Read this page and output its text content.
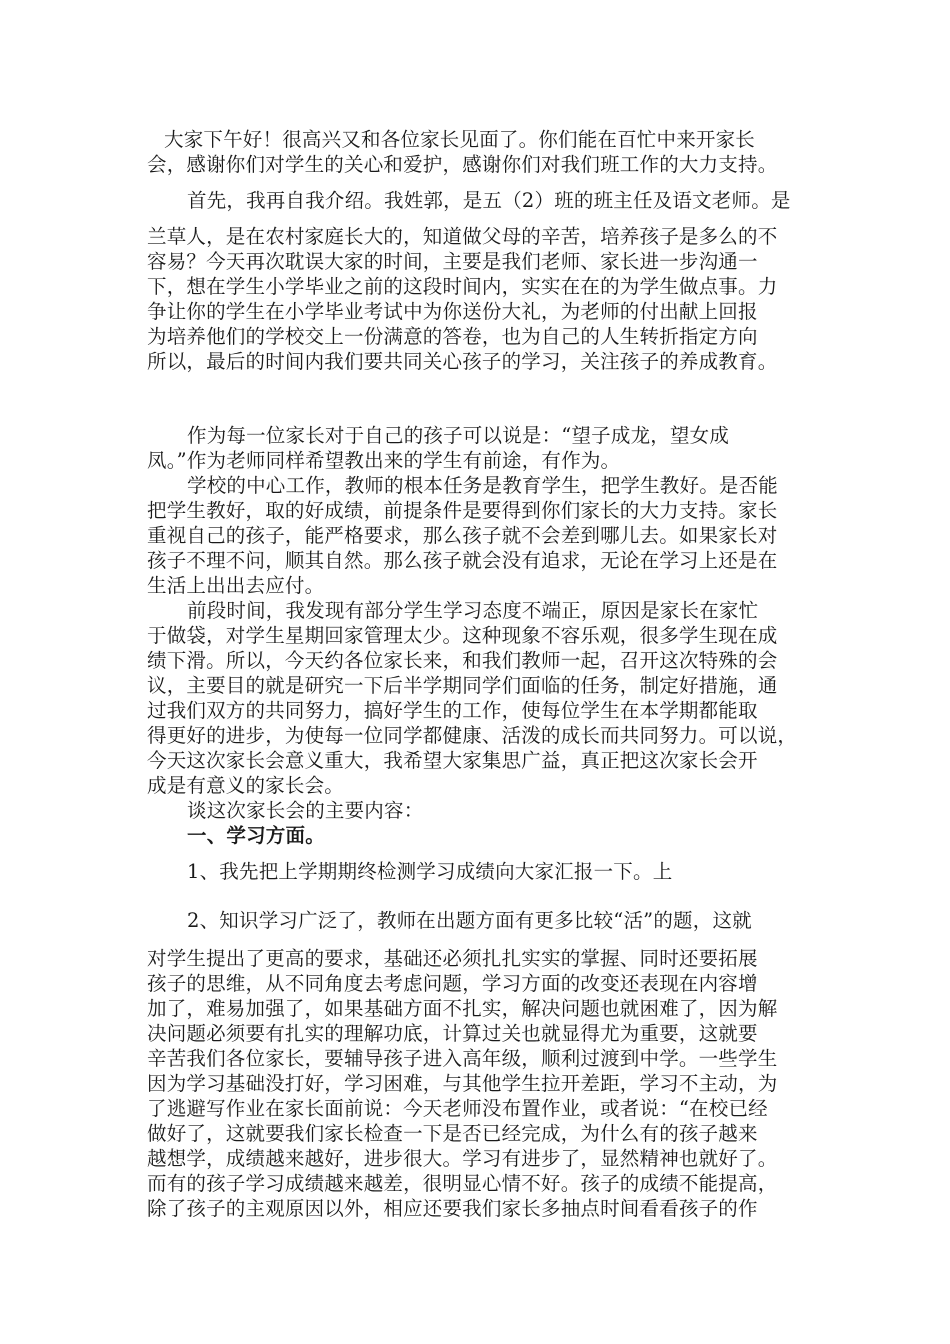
大家下午好！很高兴又和各位家长见面了。你们能在百忙中来开家长
会，感谢你们对学生的关心和爱护，感谢你们对我们班工作的大力支持。
首先，我再自我介绍。我姓郭，是五（2）班的班主任及语文老师。是
兰草人，是在农村家庭长大的，知道做父母的辛苦，培养孩子是多么的不
容易？今天再次耽误大家的时间，主要是我们老师、家长进一步沟通一
下，想在学生小学毕业之前的这段时间内，实实在在的为学生做点事。力
争让你的学生在小学毕业考试中为你送份大礼，为老师的付出献上回报
为培养他们的学校交上一份满意的答卷，也为自己的人生转折指定方向
所以，最后的时间内我们要共同关心孩子的学习，关注孩子的养成教育。
作为每一位家长对于自己的孩子可以说是：“望子成龙，望女成
凤。”作为老师同样希望教出来的学生有前途，有作为。
学校的中心工作，教师的根本任务是教育学生，把学生教好。是否能
把学生教好，取的好成绩，前提条件是要得到你们家长的大力支持。家长
重视自己的孩子，能严格要求，那么孩子就不会差到哪儿去。如果家长对
孩子不理不问，顺其自然。那么孩子就会没有追求，无论在学习上还是在
生活上出出去应付。
前段时间，我发现有部分学生学习态度不端正，原因是家长在家忙
于做袋，对学生星期回家管理太少。这种现象不容乐观，很多学生现在成
绩下滑。所以，今天约各位家长来，和我们教师一起，召开这次特殊的会
议，主要目的就是研究一下后半学期同学们面临的任务，制定好措施，通
过我们双方的共同努力，搞好学生的工作，使每位学生在本学期都能取
得更好的进步，为使每一位同学都健康、活泼的成长而共同努力。可以说，
今天这次家长会意义重大，我希望大家集思广益，真正把这次家长会开
成是有意义的家长会。
谈这次家长会的主要内容：
一、学习方面。
1、我先把上学期期终检测学习成绩向大家汇报一下。上
2、知识学习广泛了，教师在出题方面有更多比较“活”的题，这就
对学生提出了更高的要求，基础还必须扎扎实实的掌握、同时还要拓展
孩子的思维，从不同角度去考虑问题，学习方面的改变还表现在内容增
加了，难易加强了，如果基础方面不扎实，解决问题也就困难了，因为解
决问题必须要有扎实的理解功底，计算过关也就显得尤为重要，这就要
辛苦我们各位家长，要辅导孩子进入高年级，顺利过渡到中学。一些学生
因为学习基础没打好，学习困难，与其他学生拉开差距，学习不主动，为
了逃避写作业在家长面前说：今天老师没布置作业，或者说：“在校已经
做好了，这就要我们家长检查一下是否已经完成，为什么有的孩子越来
越想学，成绩越来越好，进步很大。学习有进步了，显然精神也就好了。
而有的孩子学习成绩越来越差，很明显心情不好。孩子的成绩不能提高，
除了孩子的主观原因以外，相应还要我们家长多抽点时间看看孩子的作
